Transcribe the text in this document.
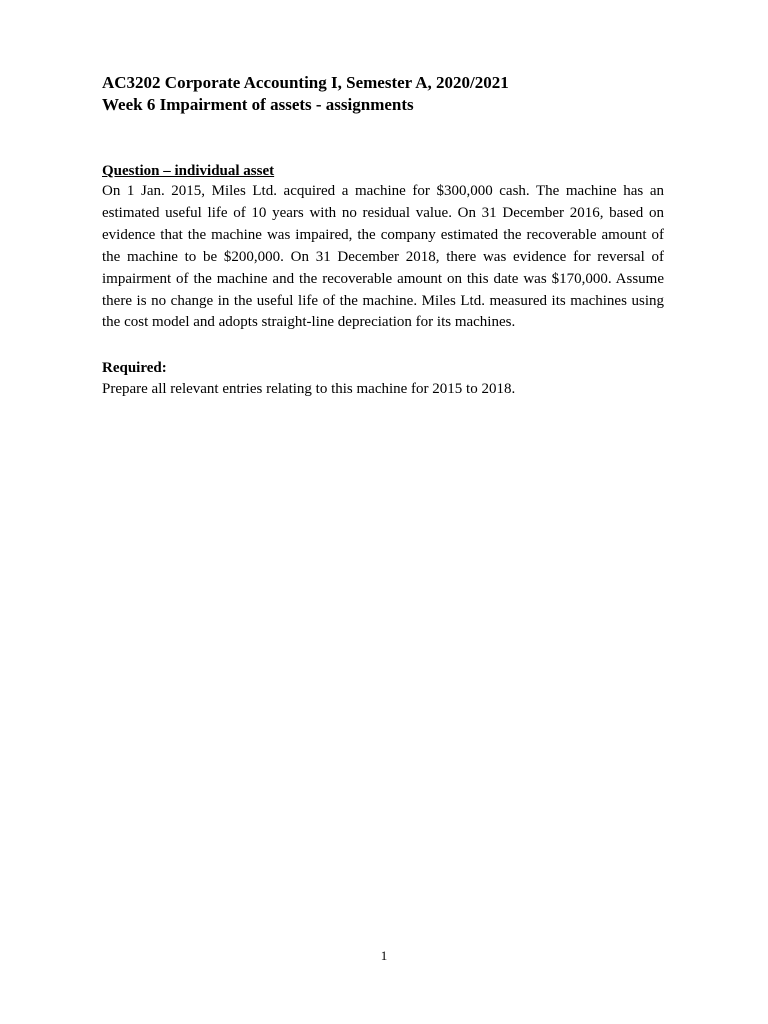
AC3202 Corporate Accounting I, Semester A, 2020/2021
Week 6 Impairment of assets - assignments

Question – individual asset

On 1 Jan. 2015, Miles Ltd. acquired a machine for $300,000 cash. The machine has an estimated useful life of 10 years with no residual value. On 31 December 2016, based on evidence that the machine was impaired, the company estimated the recoverable amount of the machine to be $200,000. On 31 December 2018, there was evidence for reversal of impairment of the machine and the recoverable amount on this date was $170,000. Assume there is no change in the useful life of the machine. Miles Ltd. measured its machines using the cost model and adopts straight-line depreciation for its machines.

Required:

Prepare all relevant entries relating to this machine for 2015 to 2018.

1
